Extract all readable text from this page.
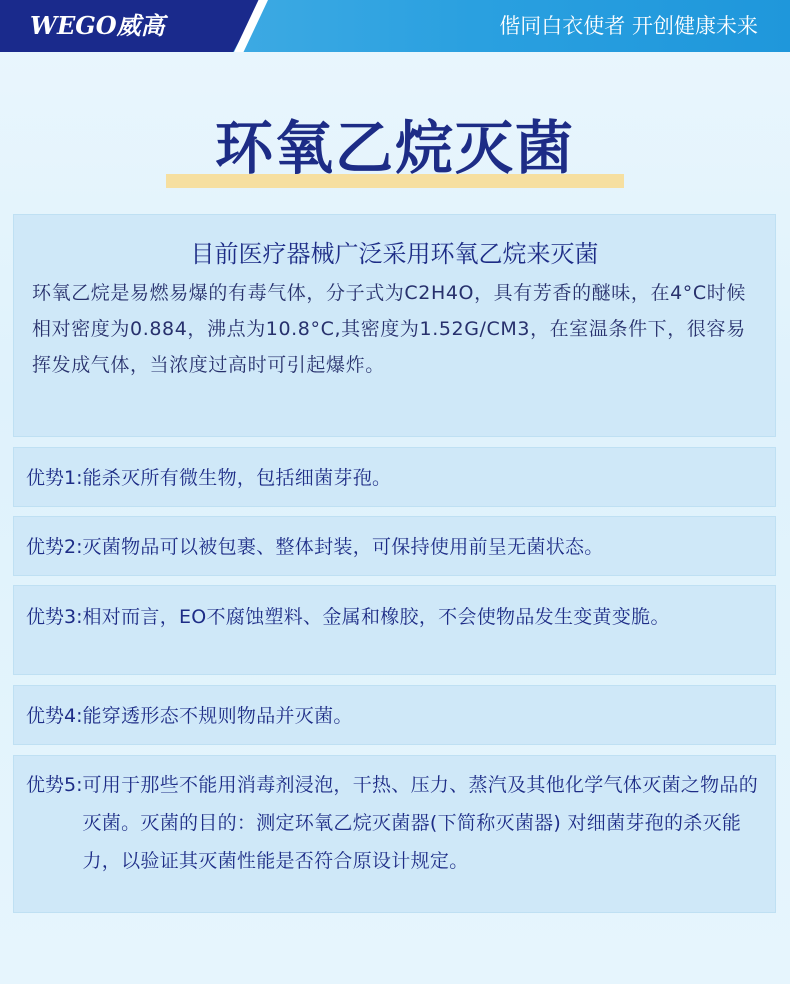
WEGO威高	偕同白衣使者 开创健康未来
环氧乙烷灭菌
目前医疗器械广泛采用环氧乙烷来灭菌
环氧乙烷是易燃易爆的有毒气体，分子式为C2H4O，具有芳香的醚味，在4°C时候相对密度为0.884，沸点为10.8°C,其密度为1.52G/CM3，在室温条件下，很容易挥发成气体，当浓度过高时可引起爆炸。
优势1: 能杀灭所有微生物，包括细菌芽孢。
优势2: 灭菌物品可以被包裹、整体封装，可保持使用前呈无菌状态。
优势3: 相对而言，EO不腐蚀塑料、金属和橡胶，不会使物品发生变黄变脆。
优势4: 能穿透形态不规则物品并灭菌。
优势5: 可用于那些不能用消毒剂浸泡，干热、压力、蒸汽及其他化学气体灭菌之物品的灭菌。灭菌的目的：测定环氧乙烷灭菌器(下简称灭菌器) 对细菌芽孢的杀灭能力，以验证其灭菌性能是否符合原设计规定。
